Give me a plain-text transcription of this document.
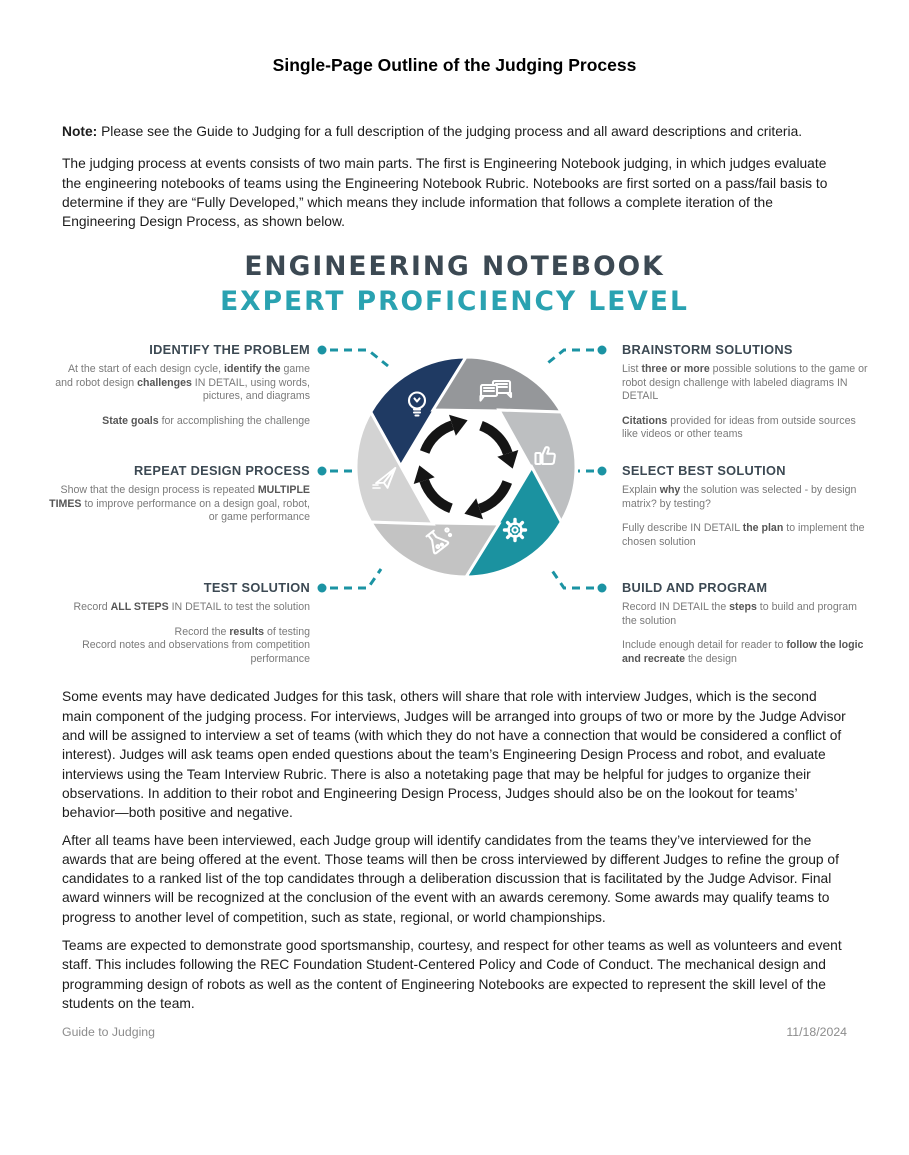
Single-Page Outline of the Judging Process

Note: Please see the Guide to Judging for a full description of the judging process and all award descriptions and criteria.

The judging process at events consists of two main parts. The first is Engineering Notebook judging, in which judges evaluate the engineering notebooks of teams using the Engineering Notebook Rubric. Notebooks are first sorted on a pass/fail basis to determine if they are “Fully Developed,” which means they include information that follows a complete iteration of the Engineering Design Process, as shown below.

ENGINEERING NOTEBOOK
EXPERT PROFICIENCY LEVEL
IDENTIFY THE PROBLEM
At the start of each design cycle, identify the game and robot design challenges IN DETAIL, using words, pictures, and diagrams
State goals for accomplishing the challenge
BRAINSTORM SOLUTIONS
List three or more possible solutions to the game or robot design challenge with labeled diagrams IN DETAIL
Citations provided for ideas from outside sources like videos or other teams
REPEAT DESIGN PROCESS
Show that the design process is repeated MULTIPLE TIMES to improve performance on a design goal, robot, or game performance
SELECT BEST SOLUTION
Explain why the solution was selected - by design matrix? by testing?
Fully describe IN DETAIL the plan to implement the chosen solution
TEST SOLUTION
Record ALL STEPS IN DETAIL to test the solution
Record the results of testing
Record notes and observations from competition performance
BUILD AND PROGRAM
Record IN DETAIL the steps to build and program the solution
Include enough detail for reader to follow the logic and recreate the design

Some events may have dedicated Judges for this task, others will share that role with interview Judges, which is the second main component of the judging process. For interviews, Judges will be arranged into groups of two or more by the Judge Advisor and will be assigned to interview a set of teams (with which they do not have a connection that would be considered a conflict of interest). Judges will ask teams open ended questions about the team’s Engineering Design Process and robot, and evaluate interviews using the Team Interview Rubric. There is also a notetaking page that may be helpful for judges to organize their observations. In addition to their robot and Engineering Design Process, Judges should also be on the lookout for teams’ behavior—both positive and negative.

After all teams have been interviewed, each Judge group will identify candidates from the teams they’ve interviewed for the awards that are being offered at the event. Those teams will then be cross interviewed by different Judges to refine the group of candidates to a ranked list of the top candidates through a deliberation discussion that is facilitated by the Judge Advisor. Final award winners will be recognized at the conclusion of the event with an awards ceremony. Some awards may qualify teams to progress to another level of competition, such as state, regional, or world championships.

Teams are expected to demonstrate good sportsmanship, courtesy, and respect for other teams as well as volunteers and event staff. This includes following the REC Foundation Student-Centered Policy and Code of Conduct. The mechanical design and programming design of robots as well as the content of Engineering Notebooks are expected to represent the skill level of the students on the team.

Guide to Judging	11/18/2024
